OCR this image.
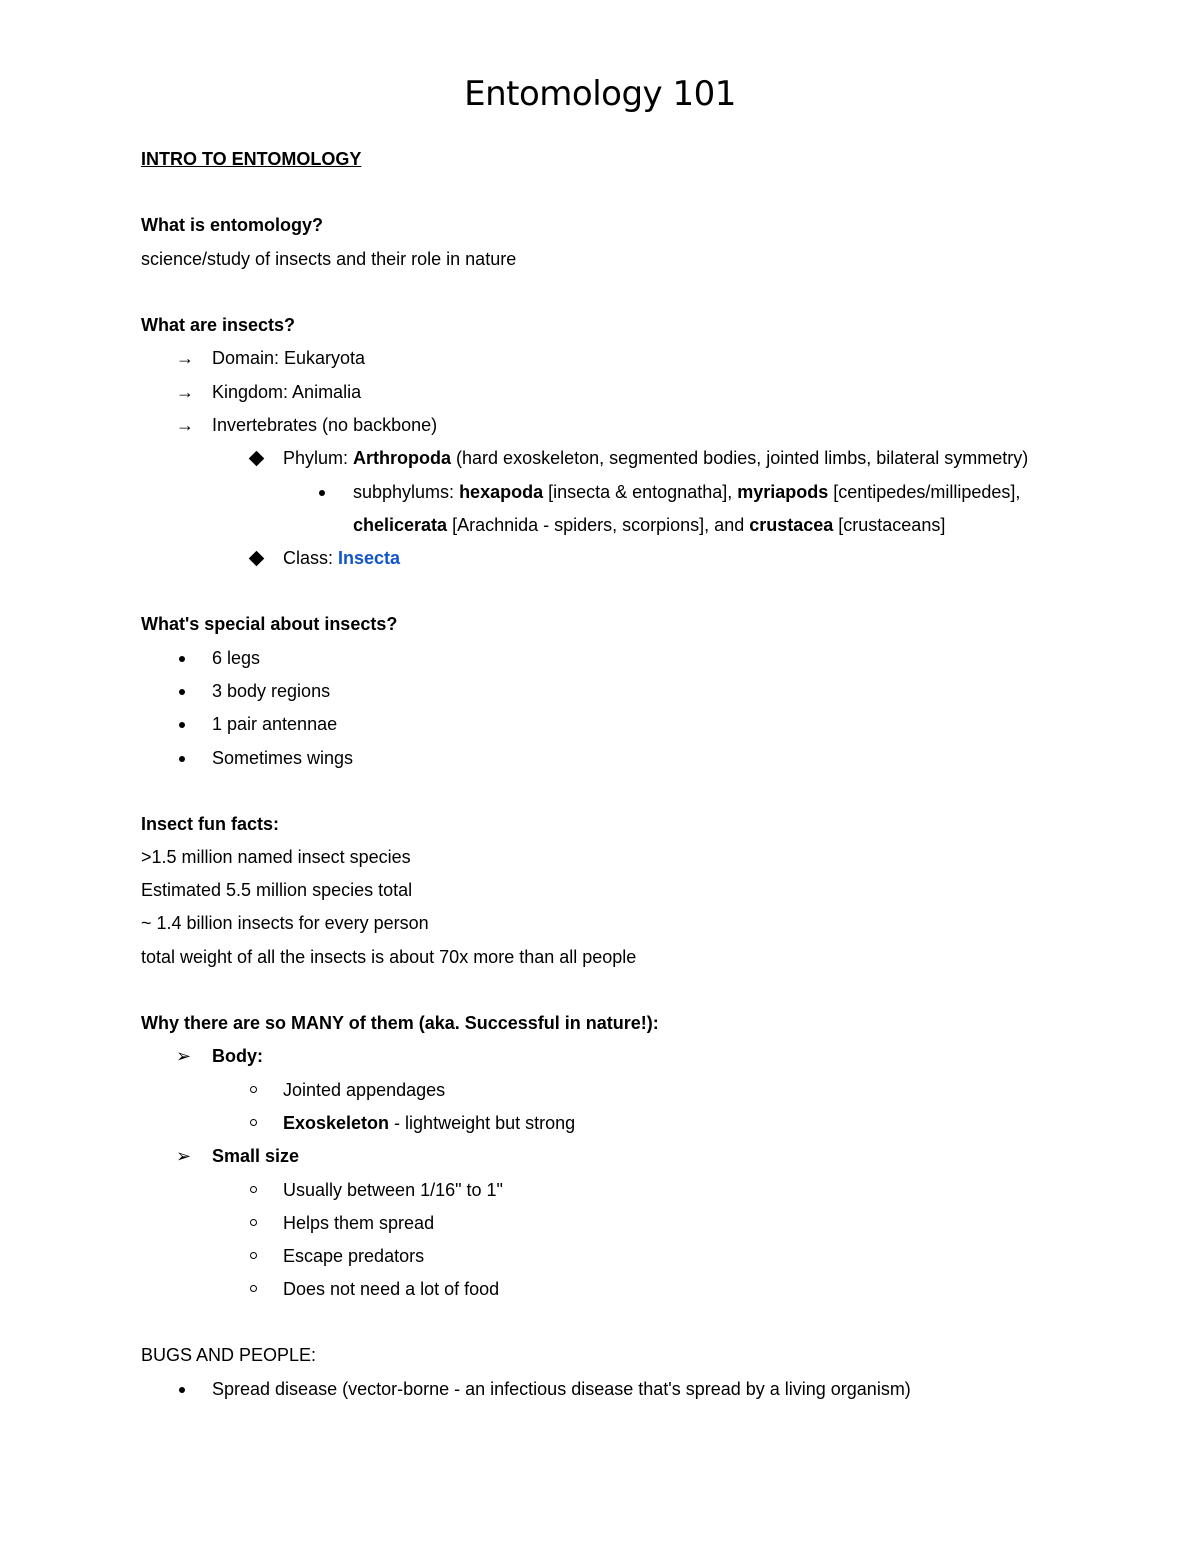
Entomology 101
INTRO TO ENTOMOLOGY
What is entomology?
science/study of insects and their role in nature
What are insects?
→ Domain: Eukaryota
→ Kingdom: Animalia
→ Invertebrates (no backbone)
Phylum: Arthropoda (hard exoskeleton, segmented bodies, jointed limbs, bilateral symmetry)
subphylums: hexapoda [insecta & entognatha], myriapods [centipedes/millipedes],
chelicerata [Arachnida - spiders, scorpions], and crustacea [crustaceans]
Class: Insecta
What's special about insects?
6 legs
3 body regions
1 pair antennae
Sometimes wings
Insect fun facts:
>1.5 million named insect species
Estimated 5.5 million species total
~ 1.4 billion insects for every person
total weight of all the insects is about 70x more than all people
Why there are so MANY of them (aka. Successful in nature!):
➢ Body:
Jointed appendages
Exoskeleton - lightweight but strong
➢ Small size
Usually between 1/16" to 1"
Helps them spread
Escape predators
Does not need a lot of food
BUGS AND PEOPLE:
Spread disease (vector-borne - an infectious disease that's spread by a living organism)
